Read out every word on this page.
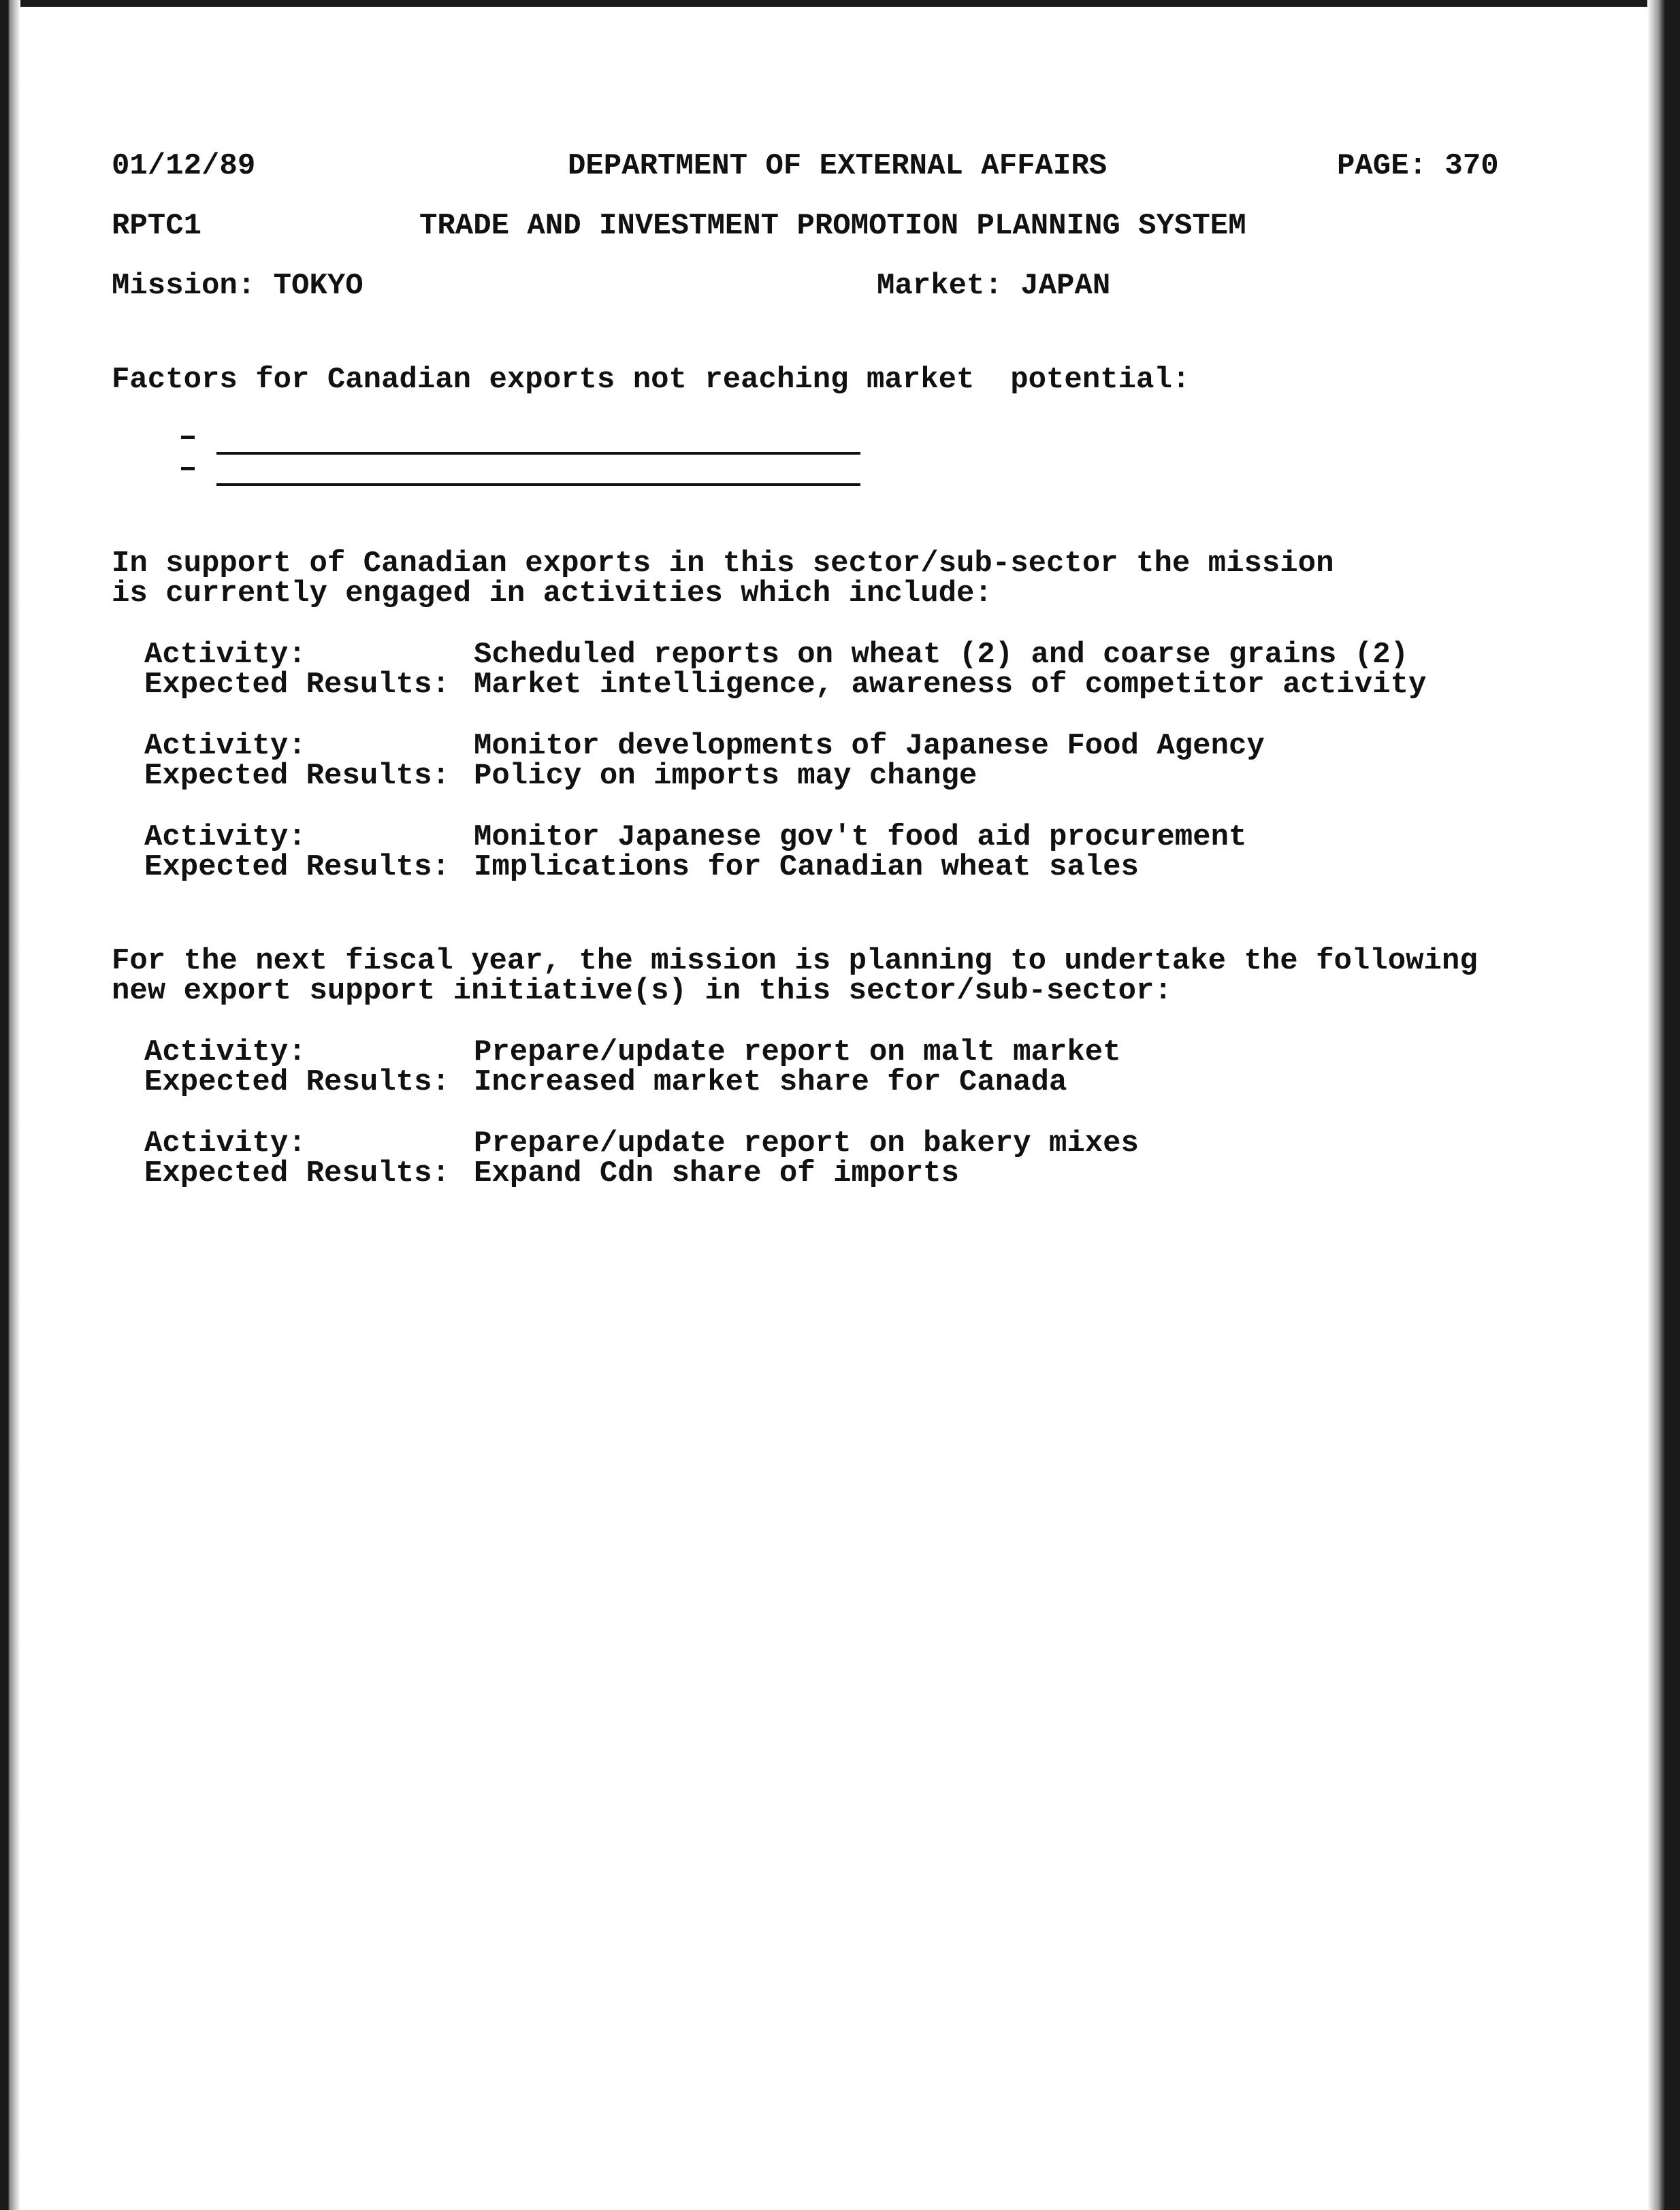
01/12/89	DEPARTMENT OF EXTERNAL AFFAIRS	PAGE: 370
RPTC1	TRADE AND INVESTMENT PROMOTION PLANNING SYSTEM
Mission: TOKYO	Market: JAPAN
Factors for Canadian exports not reaching market  potential:
In support of Canadian exports in this sector/sub-sector the mission
is currently engaged in activities which include:
Activity:	Scheduled reports on wheat (2) and coarse grains (2)
Expected Results: Market intelligence, awareness of competitor activity
Activity:	Monitor developments of Japanese Food Agency
Expected Results: Policy on imports may change
Activity:	Monitor Japanese gov't food aid procurement
Expected Results: Implications for Canadian wheat sales
For the next fiscal year, the mission is planning to undertake the following
new export support initiative(s) in this sector/sub-sector:
Activity:	Prepare/update report on malt market
Expected Results: Increased market share for Canada
Activity:	Prepare/update report on bakery mixes
Expected Results: Expand Cdn share of imports
